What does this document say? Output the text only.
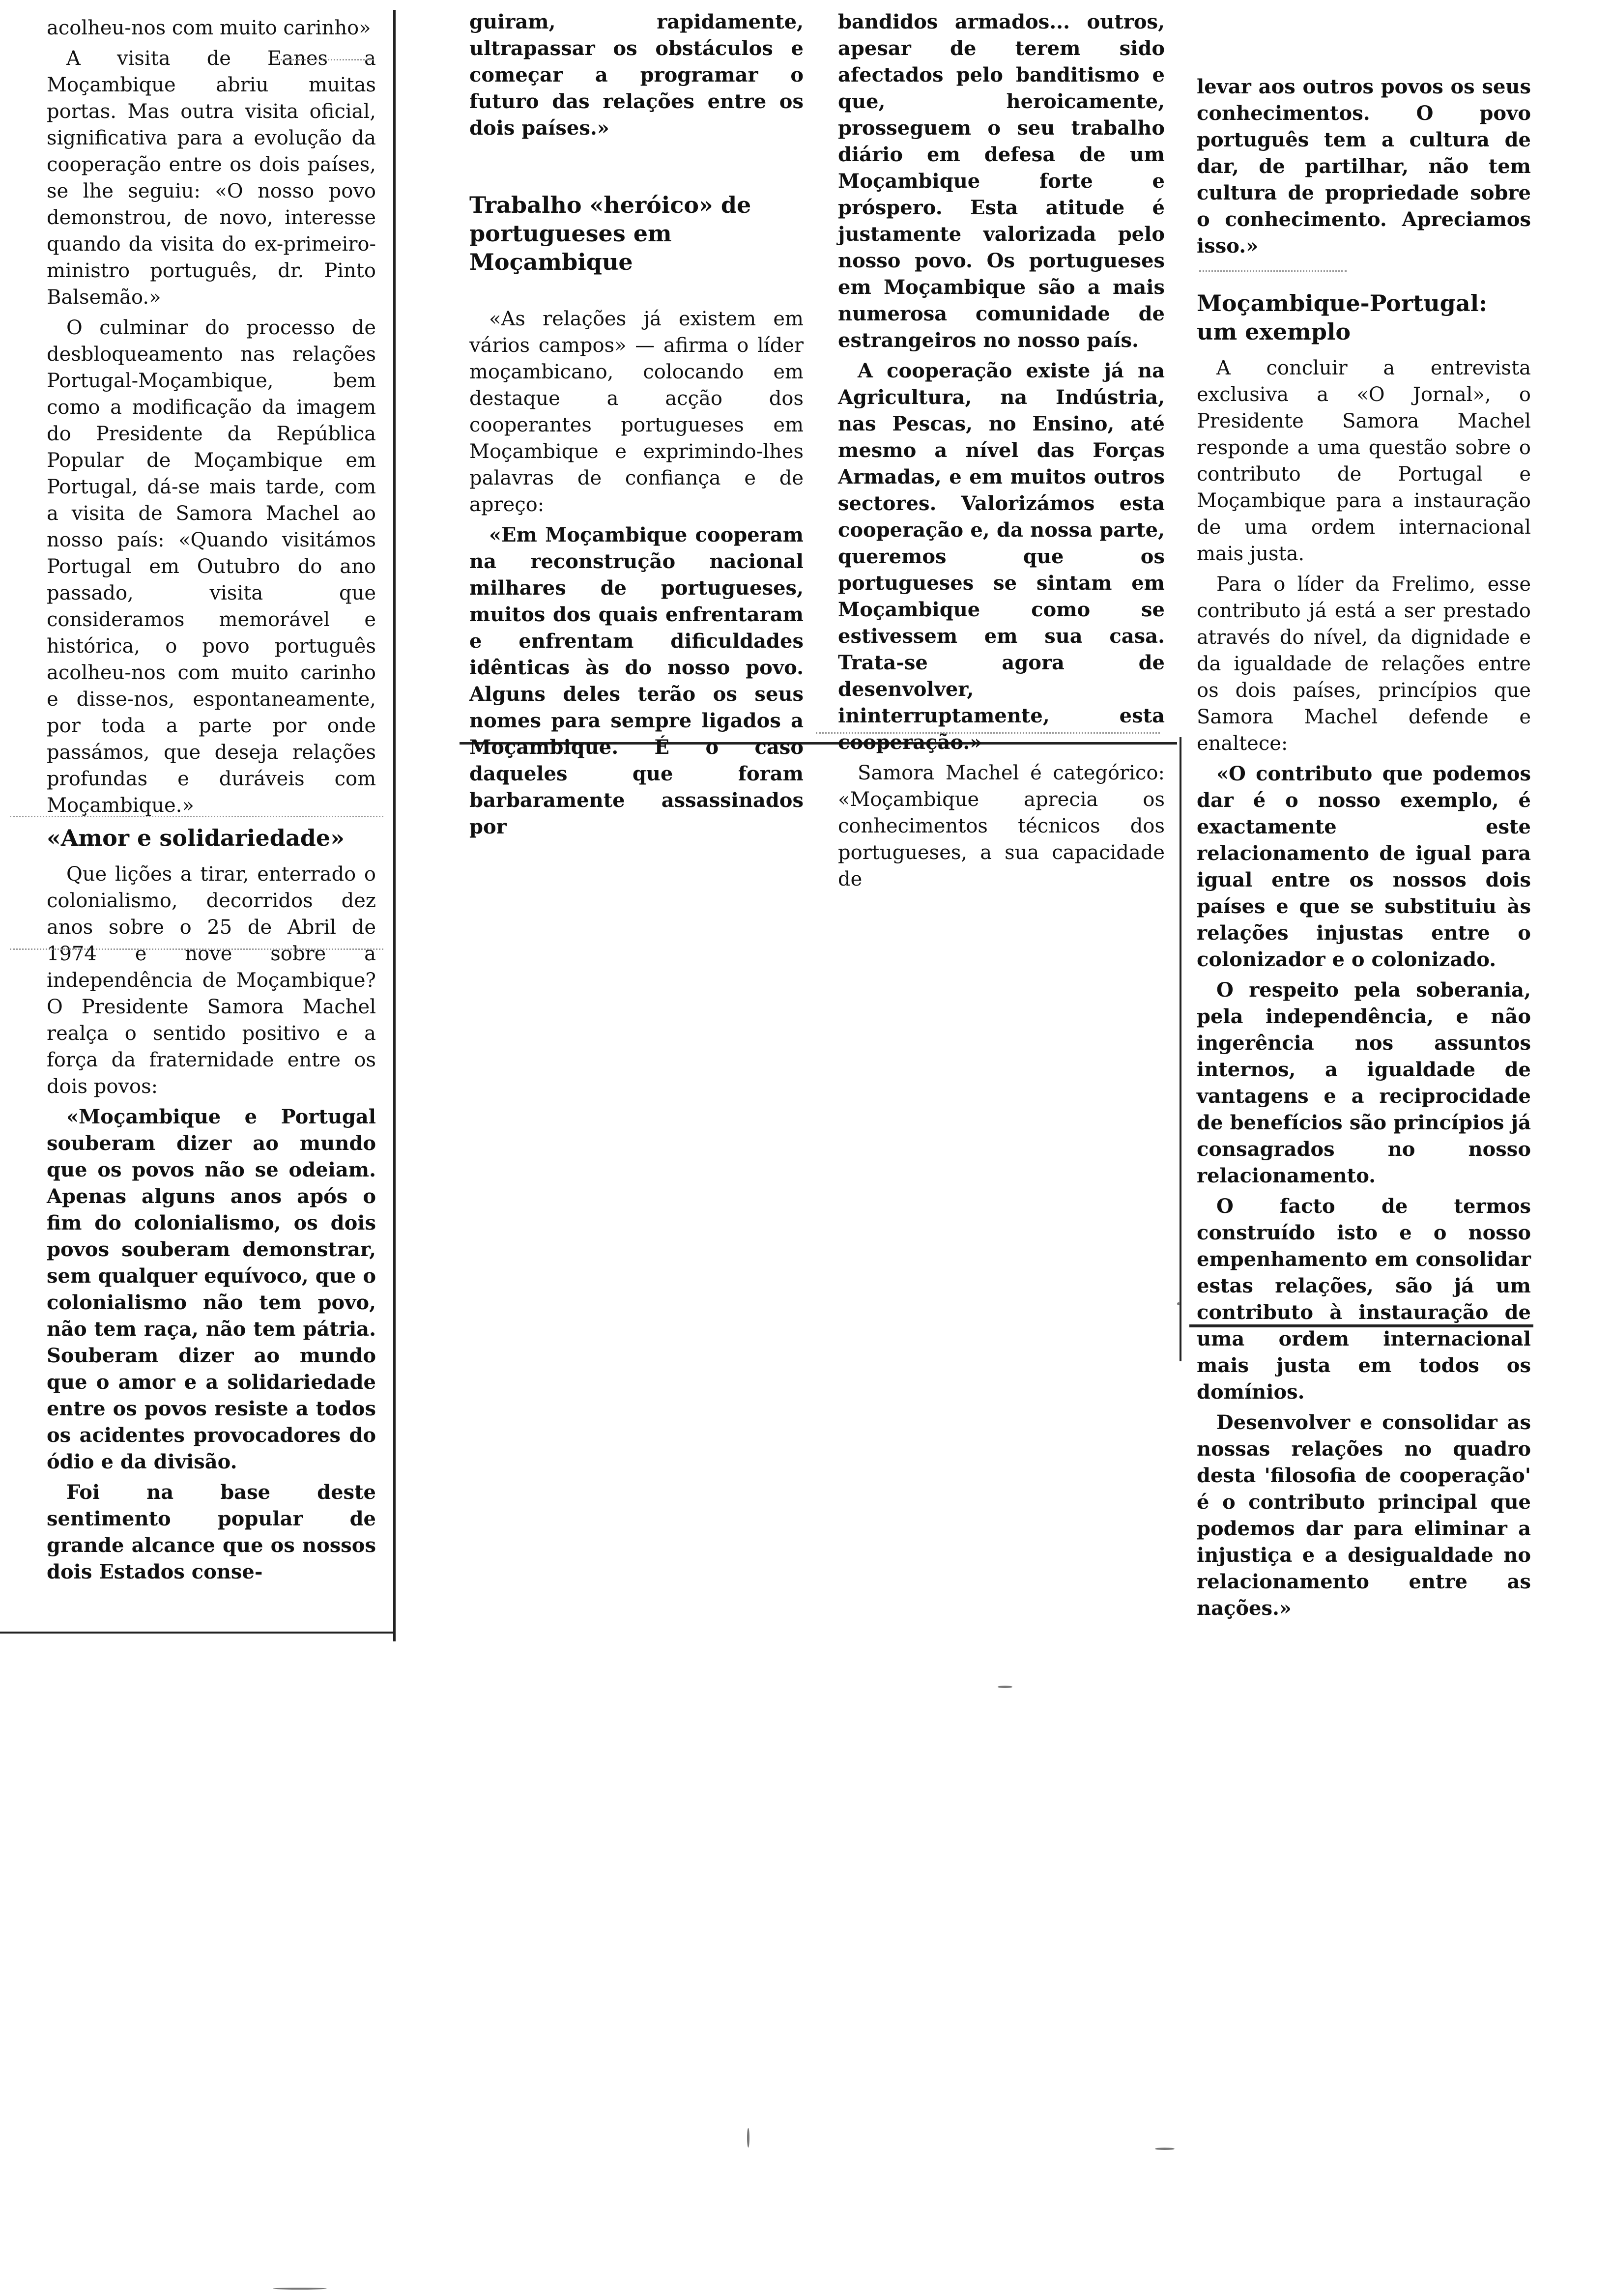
acolheu-nos com muito carinho»

A visita de Eanes a Moçambique abriu muitas portas. Mas outra visita oficial, significativa para a evolução da cooperação entre os dois países, se lhe seguiu: «O nosso povo demonstrou, de novo, interesse quando da visita do ex-primeiro-ministro português, dr. Pinto Balsemão.»

O culminar do processo de desbloqueamento nas relações Portugal-Moçambique, bem como a modificação da imagem do Presidente da República Popular de Moçambique em Portugal, dá-se mais tarde, com a visita de Samora Machel ao nosso país: «Quando visitámos Portugal em Outubro do ano passado, visita que consideramos memorável e histórica, o povo português acolheu-nos com muito carinho e disse-nos, espontaneamente, por toda a parte por onde passámos, que deseja relações profundas e duráveis com Moçambique.»

«Amor e solidariedade»

Que lições a tirar, enterrado o colonialismo, decorridos dez anos sobre o 25 de Abril de 1974 e nove sobre a independência de Moçambique? O Presidente Samora Machel realça o sentido positivo e a força da fraternidade entre os dois povos:

«Moçambique e Portugal souberam dizer ao mundo que os povos não se odeiam. Apenas alguns anos após o fim do colonialismo, os dois povos souberam demonstrar, sem qualquer equívoco, que o colonialismo não tem povo, não tem raça, não tem pátria. Souberam dizer ao mundo que o amor e a solidariedade entre os povos resiste a todos os acidentes provocadores do ódio e da divisão.

Foi na base deste sentimento popular de grande alcance que os nossos dois Estados conse-

guiram, rapidamente, ultrapassar os obstáculos e começar a programar o futuro das relações entre os dois países.»

Trabalho «heróico» de portugueses em Moçambique

«As relações já existem em vários campos» — afirma o líder moçambicano, colocando em destaque a acção dos cooperantes portugueses em Moçambique e exprimindo-lhes palavras de confiança e de apreço:

«Em Moçambique cooperam na reconstrução nacional milhares de portugueses, muitos dos quais enfrentaram e enfrentam dificuldades idênticas às do nosso povo. Alguns deles terão os seus nomes para sempre ligados a Moçambique. É o caso daqueles que foram barbaramente assassinados por

bandidos armados... outros, apesar de terem sido afectados pelo banditismo e que, heroicamente, prosseguem o seu trabalho diário em defesa de um Moçambique forte e próspero. Esta atitude é justamente valorizada pelo nosso povo. Os portugueses em Moçambique são a mais numerosa comunidade de estrangeiros no nosso país.

A cooperação existe já na Agricultura, na Indústria, nas Pescas, no Ensino, até mesmo a nível das Forças Armadas, e em muitos outros sectores. Valorizámos esta cooperação e, da nossa parte, queremos que os portugueses se sintam em Moçambique como se estivessem em sua casa. Trata-se agora de desenvolver, ininterruptamente, esta cooperação.»

Samora Machel é categórico: «Moçambique aprecia os conhecimentos técnicos dos portugueses, a sua capacidade de

levar aos outros povos os seus conhecimentos. O povo português tem a cultura de dar, de partilhar, não tem cultura de propriedade sobre o conhecimento. Apreciamos isso.»

Moçambique-Portugal: um exemplo

A concluir a entrevista exclusiva a «O Jornal», o Presidente Samora Machel responde a uma questão sobre o contributo de Portugal e Moçambique para a instauração de uma ordem internacional mais justa.

Para o líder da Frelimo, esse contributo já está a ser prestado através do nível, da dignidade e da igualdade de relações entre os dois países, princípios que Samora Machel defende e enaltece:

«O contributo que podemos dar é o nosso exemplo, é exactamente este relacionamento de igual para igual entre os nossos dois países e que se substituiu às relações injustas entre o colonizador e o colonizado.

O respeito pela soberania, pela independência, e não ingerência nos assuntos internos, a igualdade de vantagens e a reciprocidade de benefícios são princípios já consagrados no nosso relacionamento.

O facto de termos construído isto e o nosso empenhamento em consolidar estas relações, são já um contributo à instauração de uma ordem internacional mais justa em todos os domínios.

Desenvolver e consolidar as nossas relações no quadro desta 'filosofia de cooperação' é o contributo principal que podemos dar para eliminar a injustiça e a desigualdade no relacionamento entre as nações.»
